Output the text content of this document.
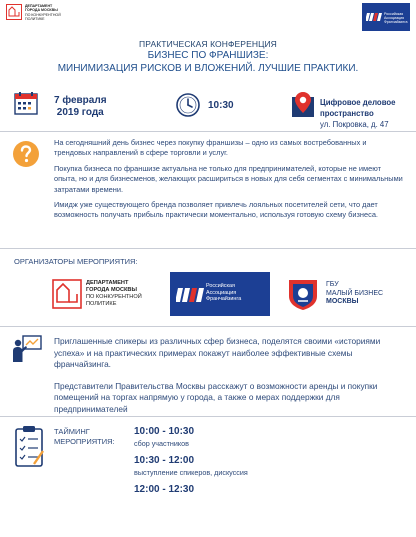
ДЕПАРТАМЕНТ
ГОРОДА МОСКВЫ
ПО КОНКУРЕНТНОЙ
ПОЛИТИКЕ
Российская
Ассоциация
Франчайзинга
ПРАКТИЧЕСКАЯ КОНФЕРЕНЦИЯ
БИЗНЕС ПО ФРАНШИЗЕ:
МИНИМИЗАЦИЯ РИСКОВ И ВЛОЖЕНИЙ. ЛУЧШИЕ ПРАКТИКИ.
7 февраля
2019 года
10:30	Цифровое деловое
пространство
ул. Покровка, д. 47

На сегодняшний день бизнес через покупку франшизы – одно из самых востребованных и трендовых направлений в сфере торговли и услуг.

Покупка бизнеса по франшизе актуальна не только для предпринимателей, которые не имеют опыта, но и для бизнесменов, желающих расшириться в новых для себя сегментах с минимальными затратами времени.

Имидж уже существующего бренда позволяет привлечь лояльных посетителей сети, что дает возможность получать прибыль практически моментально, используя готовую схему бизнеса.

ОРГАНИЗАТОРЫ МЕРОПРИЯТИЯ:
ДЕПАРТАМЕНТ
ГОРОДА МОСКВЫ
ПО КОНКУРЕНТНОЙ
ПОЛИТИКЕ
Российская
Ассоциация
Франчайзинга
ГБУ
МАЛЫЙ БИЗНЕС
МОСКВЫ

Приглашенные спикеры из различных сфер бизнеса, поделятся своими «историями успеха» и на практических примерах покажут наиболее эффективные схемы франчайзинга.

Представители Правительства Москвы расскажут о возможности аренды и покупки помещений на торгах напрямую у города, а также о мерах поддержки для предпринимателей

ТАЙМИНГ
МЕРОПРИЯТИЯ:
10:00 - 10:30
сбор участников
10:30 - 12:00
выступление спикеров, дискуссия
12:00 - 12:30
